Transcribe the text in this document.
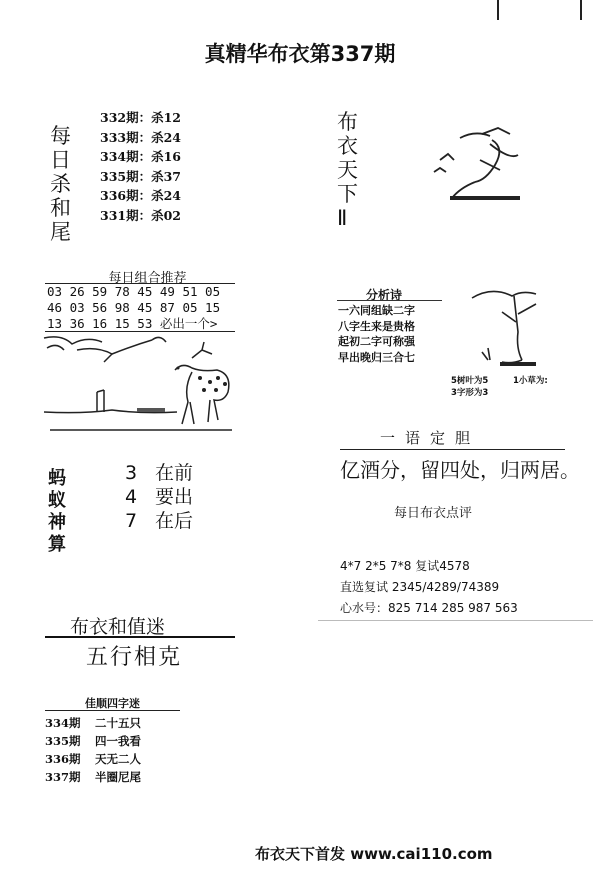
真精华布衣第337期
每
日
杀
和
尾
332期：杀12
333期：杀24
334期：杀16
335期：杀37
336期：杀24
331期：杀02
每日组合推荐
03 26 59 78 45 49 51 05
46 03 56 98 45 87 05 15
13 36 16 15 53 必出一个>
蚂
蚁
神
算
3 在前
4 要出
7 在后
布衣和值迷
五行相克
佳顺四字迷
334期 二十五只
335期 四一我看
336期 天无二人
337期 半圈尼尾
布
衣
天
下
Ⅱ
分析诗
一六同组缺二字
八字生来是贵格
起初二字可称强
早出晚归三合七
5树叶为5	1小草为:
3字形为3
一语定胆
亿酒分，留四处，归两居。
每日布衣点评
4*7 2*5 7*8 复试4578
直选复试 2345/4289/74389
心水号：825 714 285 987 563
布衣天下首发 www.cai110.com
